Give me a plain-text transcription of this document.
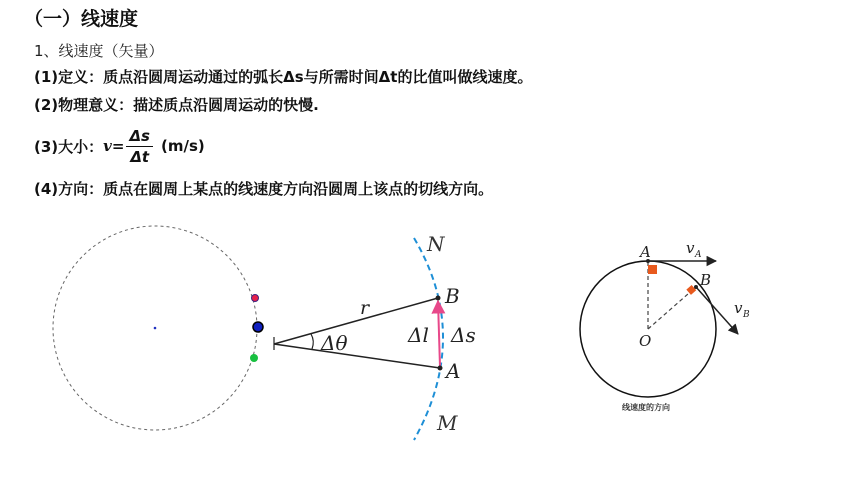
（一）线速度
1、线速度（矢量）
(1)定义：质点沿圆周运动通过的弧长Δs与所需时间Δt的比值叫做线速度。
(2)物理意义：描述质点沿圆周运动的快慢.
(3)大小： $v= \frac{\Delta s}{\Delta t} (m/s)$
(4)方向：质点在圆周上某点的线速度方向沿圆周上该点的切线方向。
N
B
r
Δθ	Δl Δs
A
M
A v A
B
v B
O
线速度的方向
